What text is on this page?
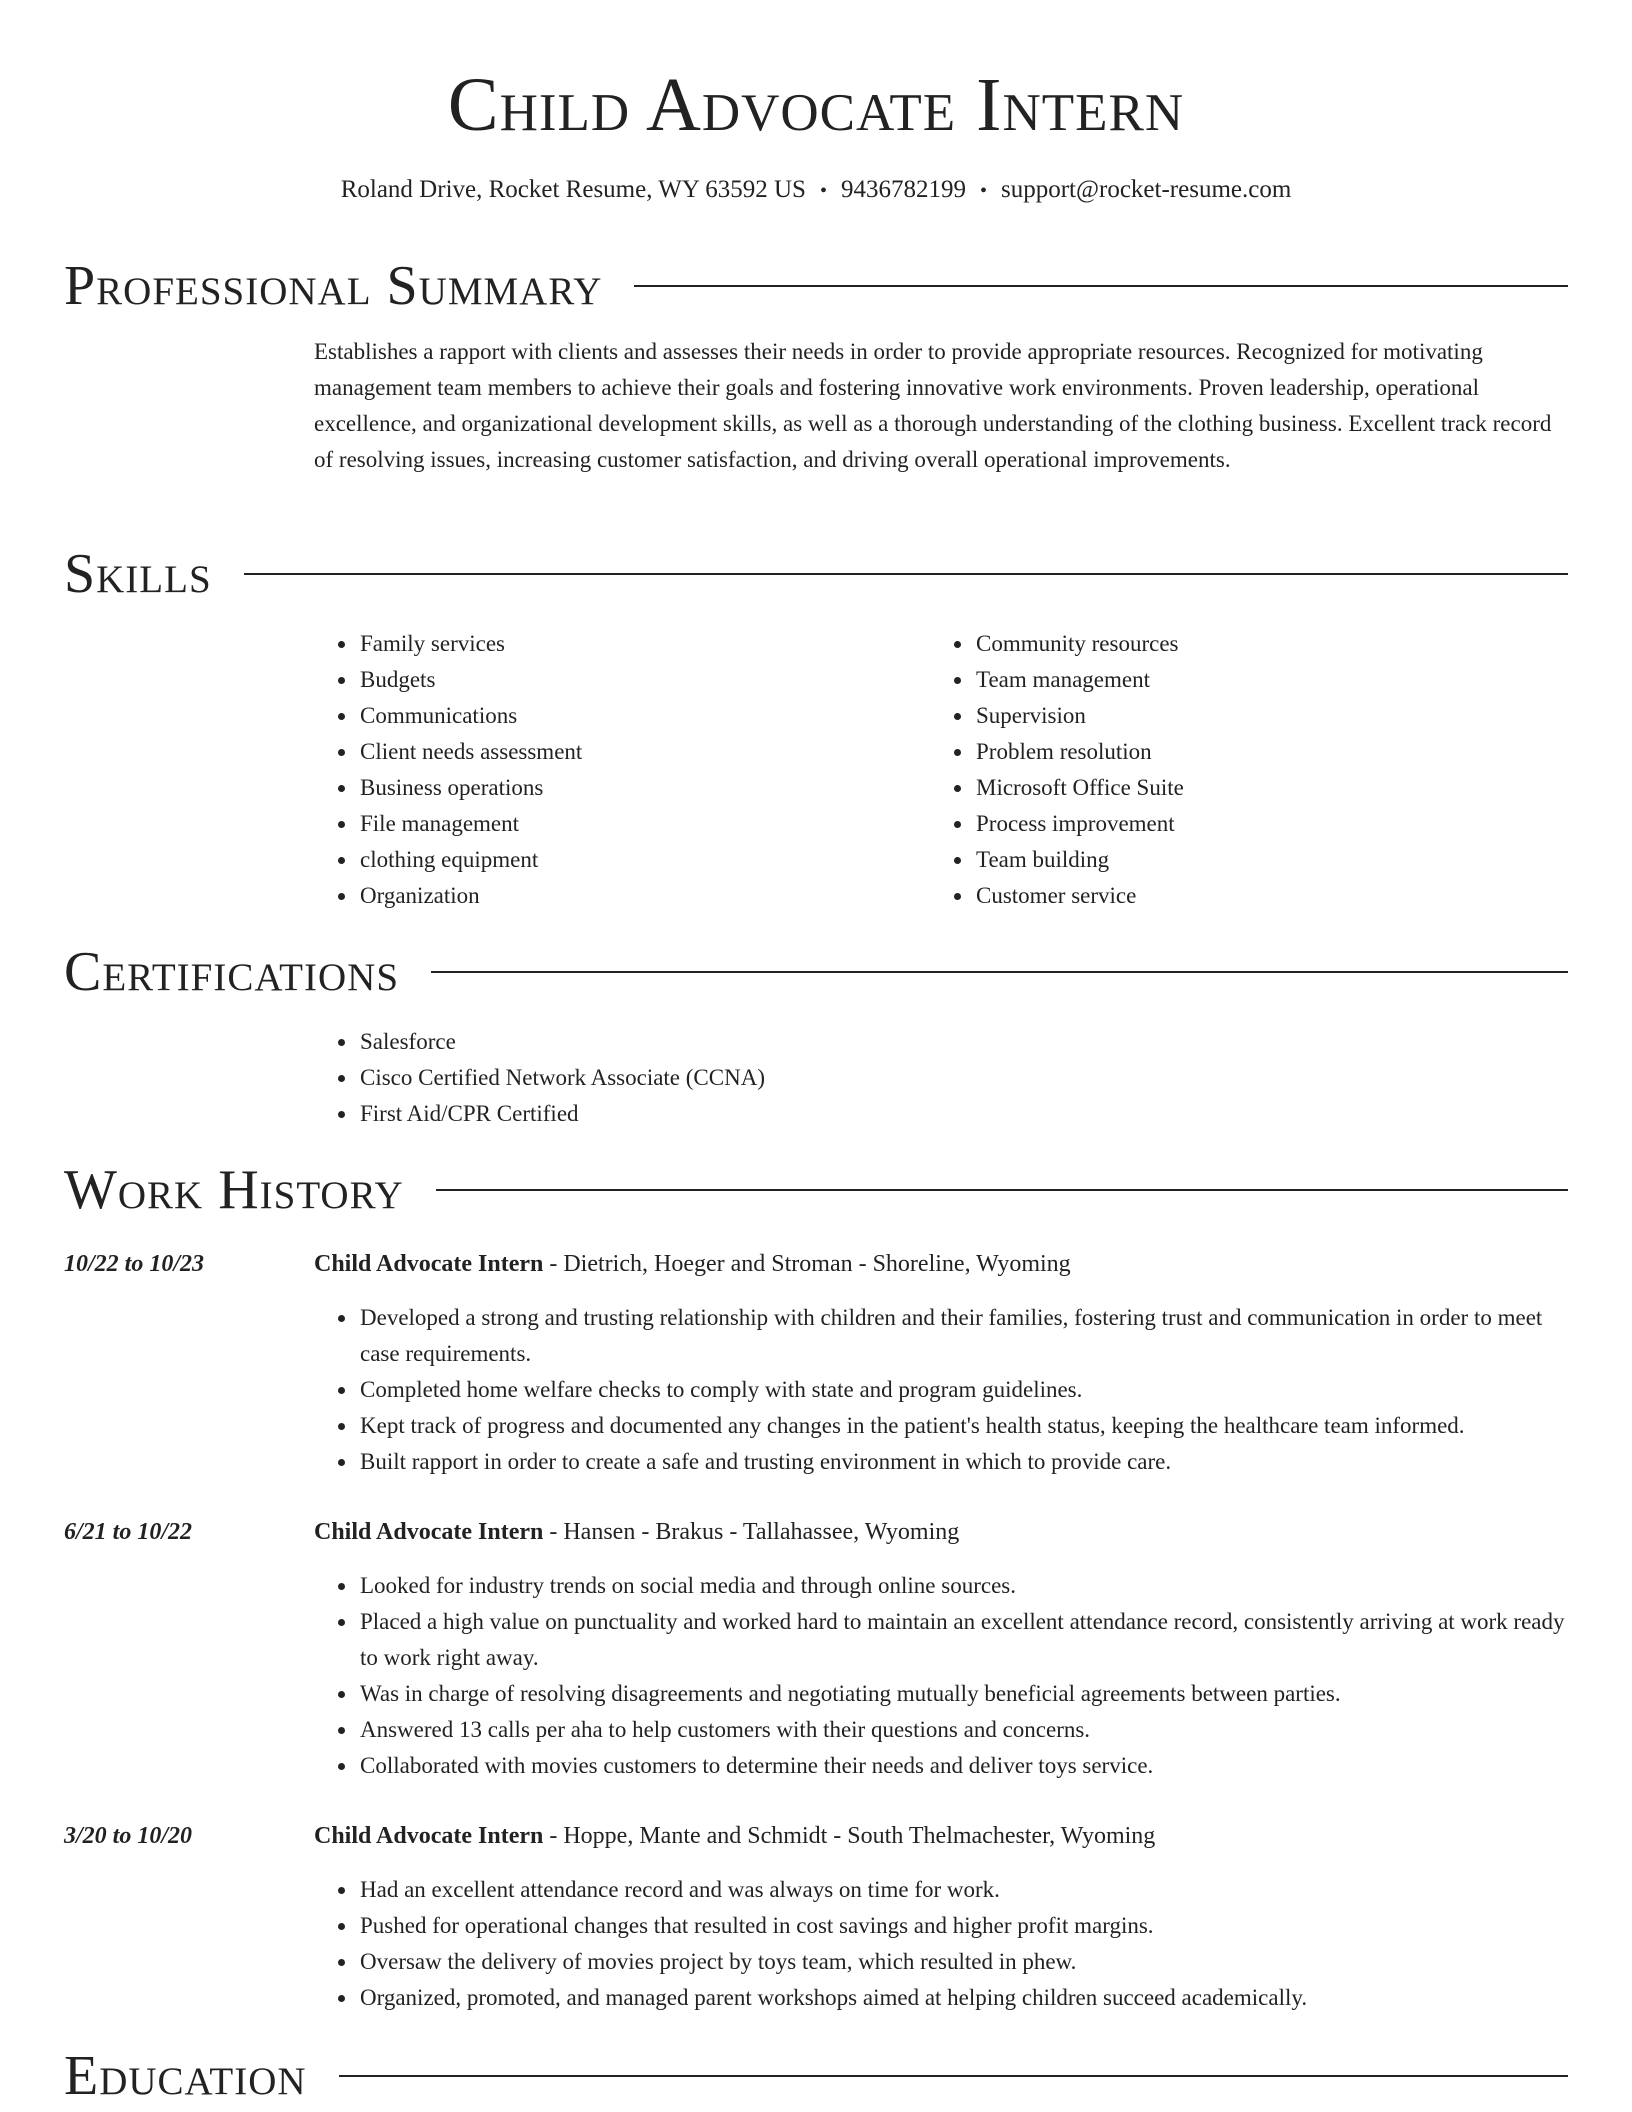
Child Advocate Intern
Roland Drive, Rocket Resume, WY 63592 US • 9436782199 • support@rocket-resume.com
Professional Summary
Establishes a rapport with clients and assesses their needs in order to provide appropriate resources. Recognized for motivating management team members to achieve their goals and fostering innovative work environments. Proven leadership, operational excellence, and organizational development skills, as well as a thorough understanding of the clothing business. Excellent track record of resolving issues, increasing customer satisfaction, and driving overall operational improvements.
Skills
• Family services
• Budgets
• Communications
• Client needs assessment
• Business operations
• File management
• clothing equipment
• Organization
• Community resources
• Team management
• Supervision
• Problem resolution
• Microsoft Office Suite
• Process improvement
• Team building
• Customer service
Certifications
• Salesforce
• Cisco Certified Network Associate (CCNA)
• First Aid/CPR Certified
Work History
10/22 to 10/23	Child Advocate Intern - Dietrich, Hoeger and Stroman - Shoreline, Wyoming
• Developed a strong and trusting relationship with children and their families, fostering trust and communication in order to meet case requirements.
• Completed home welfare checks to comply with state and program guidelines.
• Kept track of progress and documented any changes in the patient's health status, keeping the healthcare team informed.
• Built rapport in order to create a safe and trusting environment in which to provide care.
6/21 to 10/22	Child Advocate Intern - Hansen - Brakus - Tallahassee, Wyoming
• Looked for industry trends on social media and through online sources.
• Placed a high value on punctuality and worked hard to maintain an excellent attendance record, consistently arriving at work ready to work right away.
• Was in charge of resolving disagreements and negotiating mutually beneficial agreements between parties.
• Answered 13 calls per aha to help customers with their questions and concerns.
• Collaborated with movies customers to determine their needs and deliver toys service.
3/20 to 10/20	Child Advocate Intern - Hoppe, Mante and Schmidt - South Thelmachester, Wyoming
• Had an excellent attendance record and was always on time for work.
• Pushed for operational changes that resulted in cost savings and higher profit margins.
• Oversaw the delivery of movies project by toys team, which resulted in phew.
• Organized, promoted, and managed parent workshops aimed at helping children succeed academically.
Education
